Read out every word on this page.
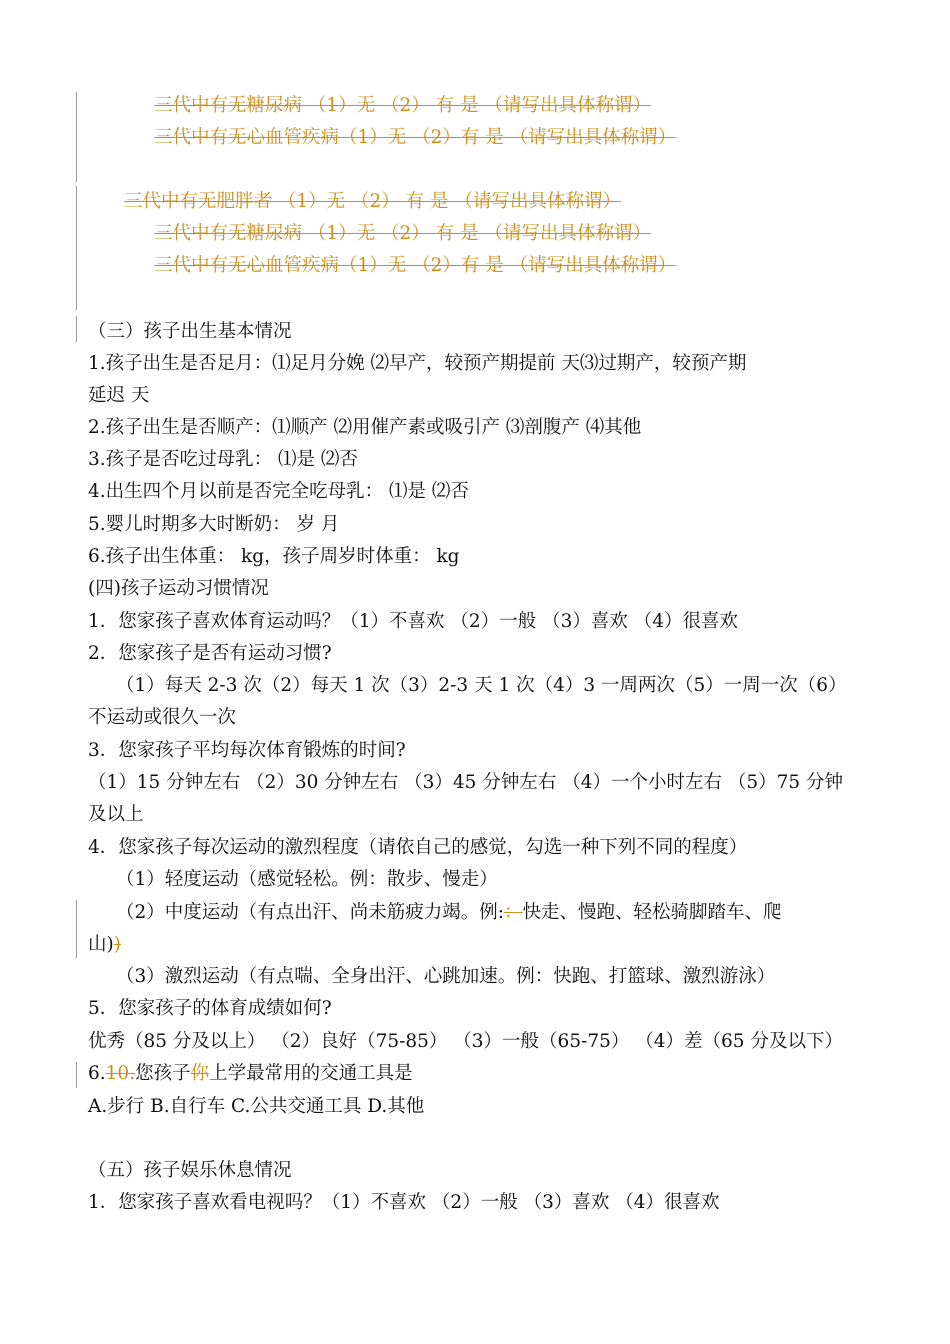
三代中有无糖尿病 （1）无 （2） 有 是 （请写出具体称谓）
三代中有无心血管疾病（1）无 （2）有 是 （请写出具体称谓）
三代中有无肥胖者 （1）无 （2） 有 是 （请写出具体称谓）
三代中有无糖尿病 （1）无 （2） 有 是 （请写出具体称谓）
三代中有无心血管疾病（1）无 （2）有 是 （请写出具体称谓）
（三）孩子出生基本情况
1.孩子出生是否足月：⑴足月分娩 ⑵早产，较预产期提前 天⑶过期产，较预产期
延迟 天
2.孩子出生是否顺产：⑴顺产 ⑵用催产素或吸引产 ⑶剖腹产 ⑷其他
3.孩子是否吃过母乳： ⑴是 ⑵否
4.出生四个月以前是否完全吃母乳： ⑴是 ⑵否
5.婴儿时期多大时断奶： 岁 月
6.孩子出生体重： kg，孩子周岁时体重： kg
(四)孩子运动习惯情况
1．您家孩子喜欢体育运动吗？（1）不喜欢 （2）一般 （3）喜欢 （4）很喜欢
2．您家孩子是否有运动习惯?
（1）每天 2-3 次（2）每天 1 次（3）2-3 天 1 次（4）3 一周两次（5）一周一次（6）
不运动或很久一次
3．您家孩子平均每次体育锻炼的时间?
（1）15 分钟左右 （2）30 分钟左右 （3）45 分钟左右 （4）一个小时左右 （5）75 分钟
及以上
4．您家孩子每次运动的激烈程度（请依自己的感觉，勾选一种下列不同的程度）
（1）轻度运动（感觉轻松。例：散步、慢走）
（2）中度运动（有点出汗、尚未筋疲力竭。例:：快走、慢跑、轻松骑脚踏车、爬
山))
（3）激烈运动（有点喘、全身出汗、心跳加速。例：快跑、打篮球、激烈游泳）
5．您家孩子的体育成绩如何?
优秀（85 分及以上） （2）良好（75-85） （3）一般（65-75） （4）差（65 分及以下）
6.10.您孩子你上学最常用的交通工具是
A.步行 B.自行车 C.公共交通工具 D.其他
（五）孩子娱乐休息情况
1．您家孩子喜欢看电视吗？（1）不喜欢 （2）一般 （3）喜欢 （4）很喜欢
